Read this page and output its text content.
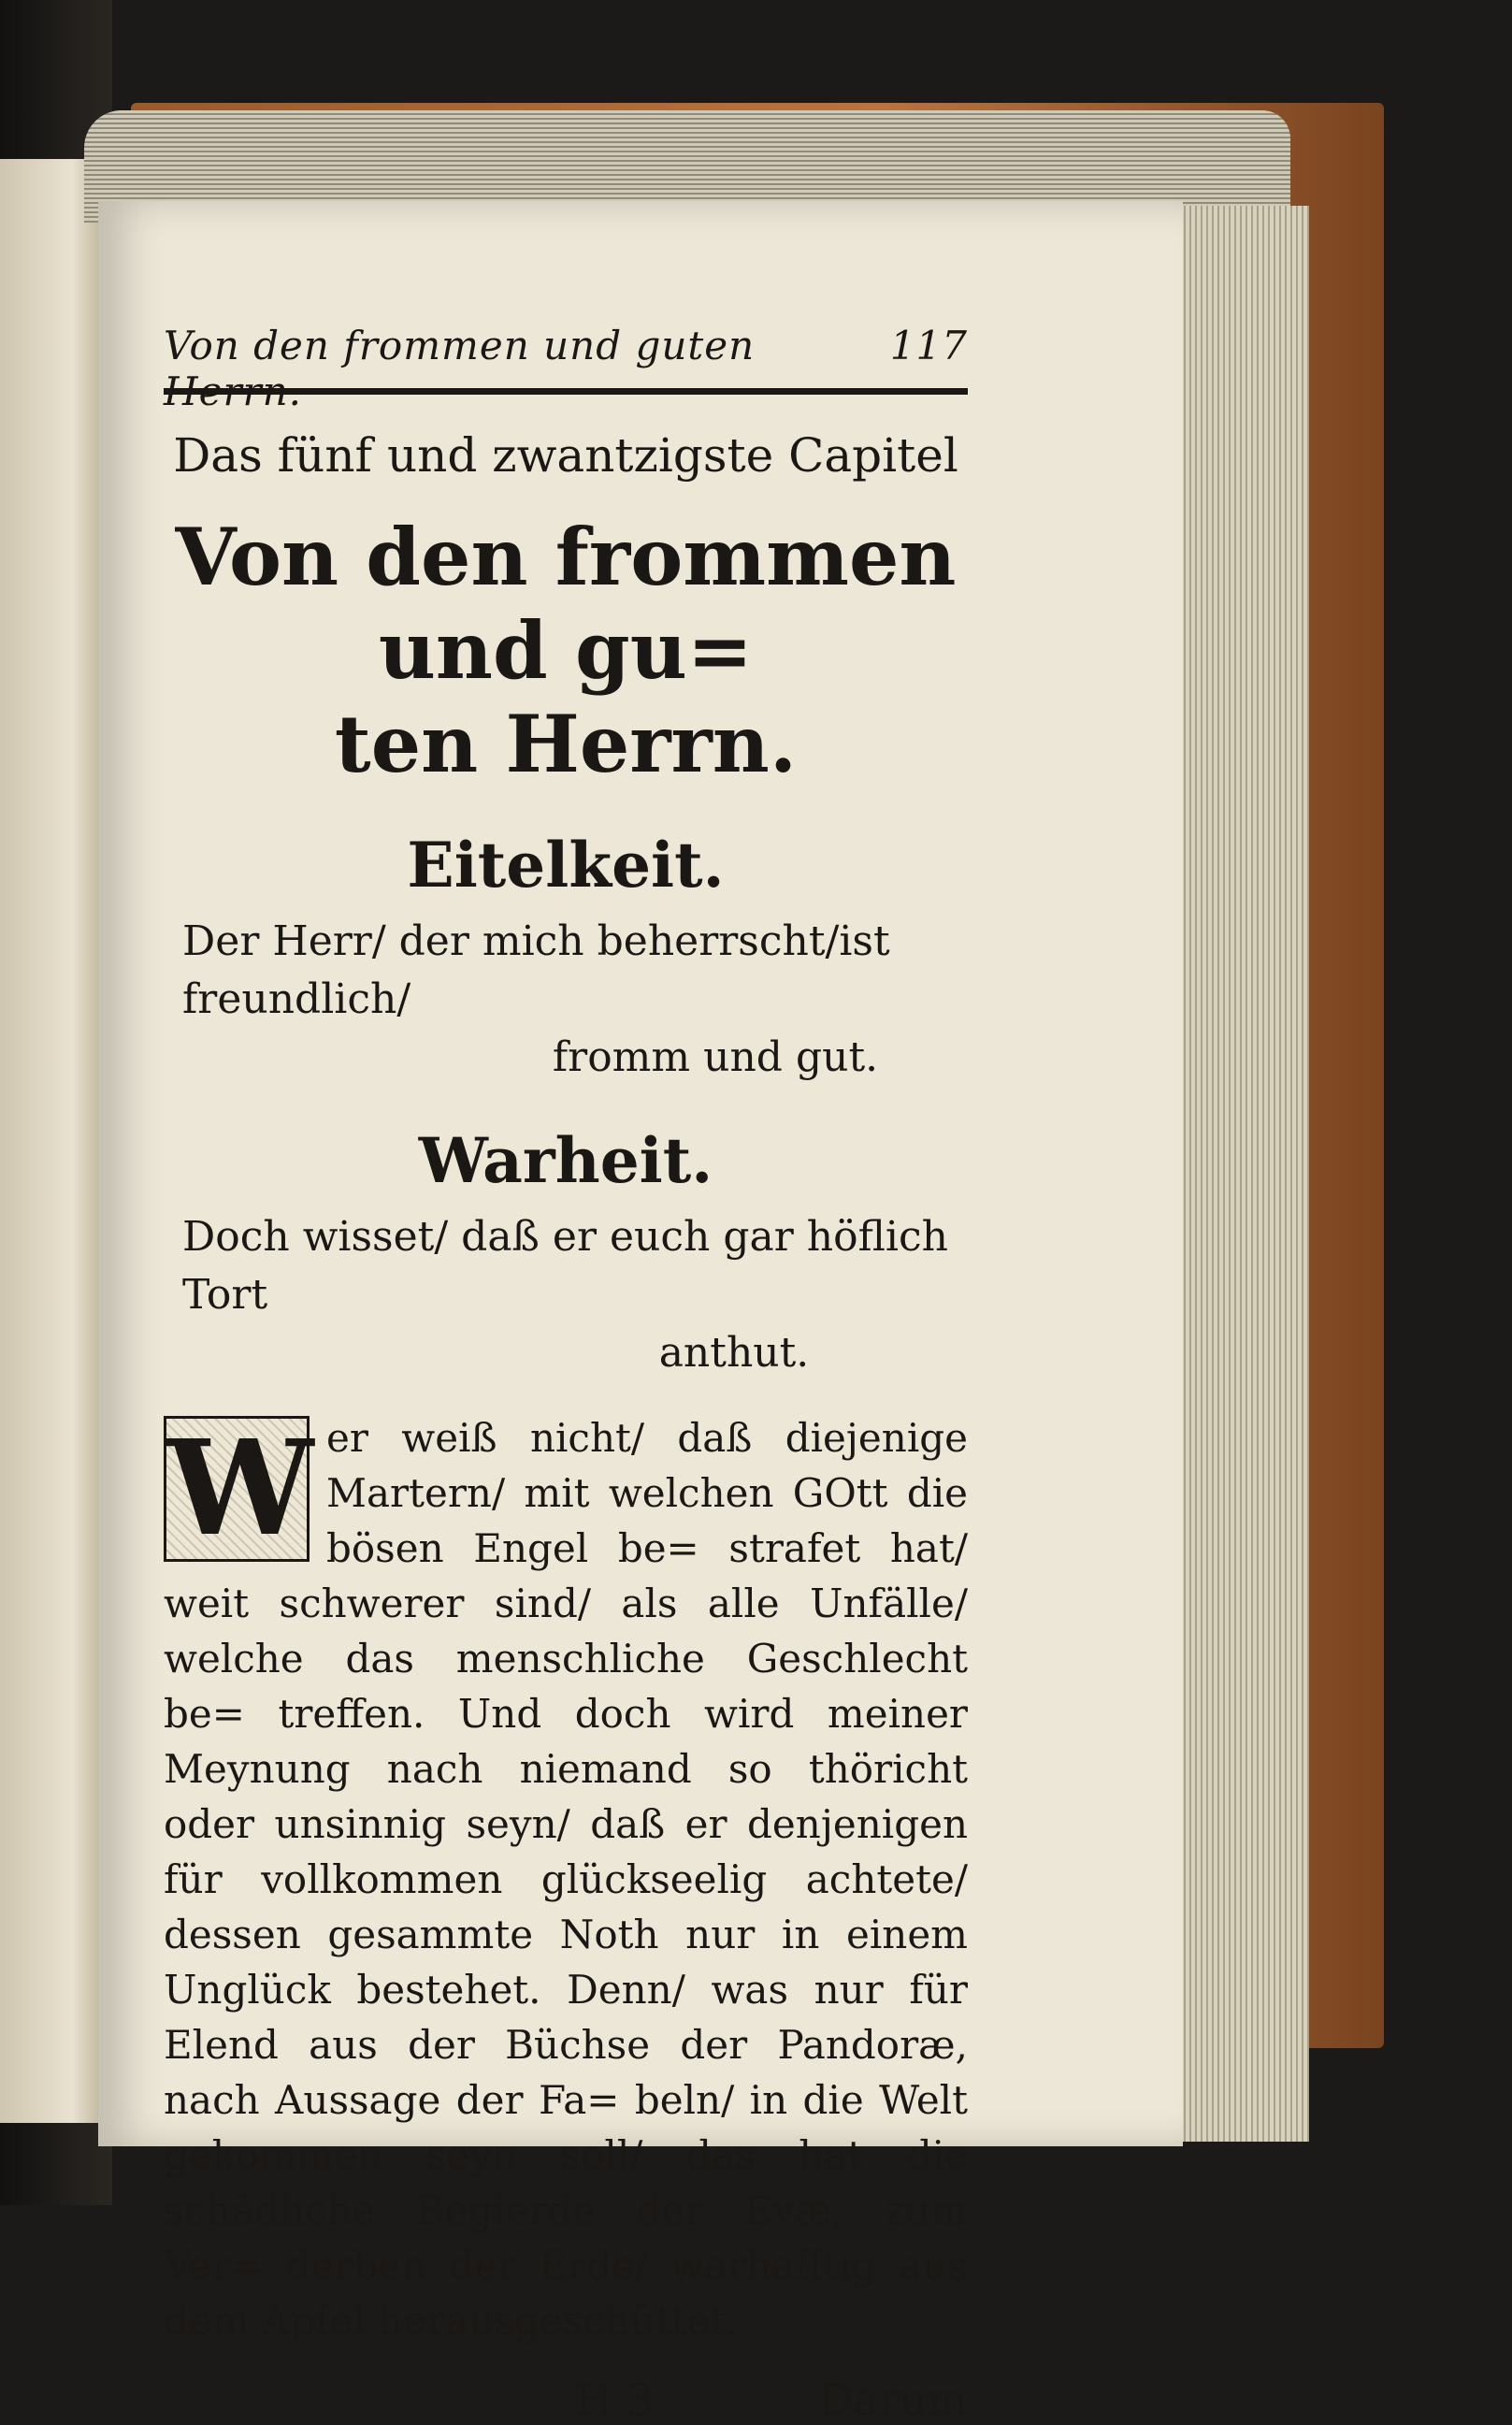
Von den frommen und guten Herrn.
117
Das fünf und zwantzigste Capitel
Von den frommen und gu=
ten Herrn.
Eitelkeit.
Der Herr/ der mich beherrscht/ist freundlich/
fromm und gut.
Warheit.
Doch wisset/ daß er euch gar höflich Tort
anthut.
W er weiß nicht/ daß diejenige Martern/ mit welchen GOtt die bösen Engel be= strafet hat/ weit schwerer sind/ als alle Unfälle/ welche das menschliche Geschlecht be= treffen. Und doch wird meiner Meynung nach niemand so thöricht oder unsinnig seyn/ daß er denjenigen für vollkommen glückseelig achtete/ dessen gesammte Noth nur in einem Unglück bestehet. Denn/ was nur für Elend aus der Büchse der Pandoræ, nach Aussage der Fa= beln/ in die Welt gekommen seyn soll/ das hat die schädliche Begierde der Evæ, zum Ver= derben der Erde/ warhafftig aus dem Apfel herausgeschüttet.
H 3	Darum
